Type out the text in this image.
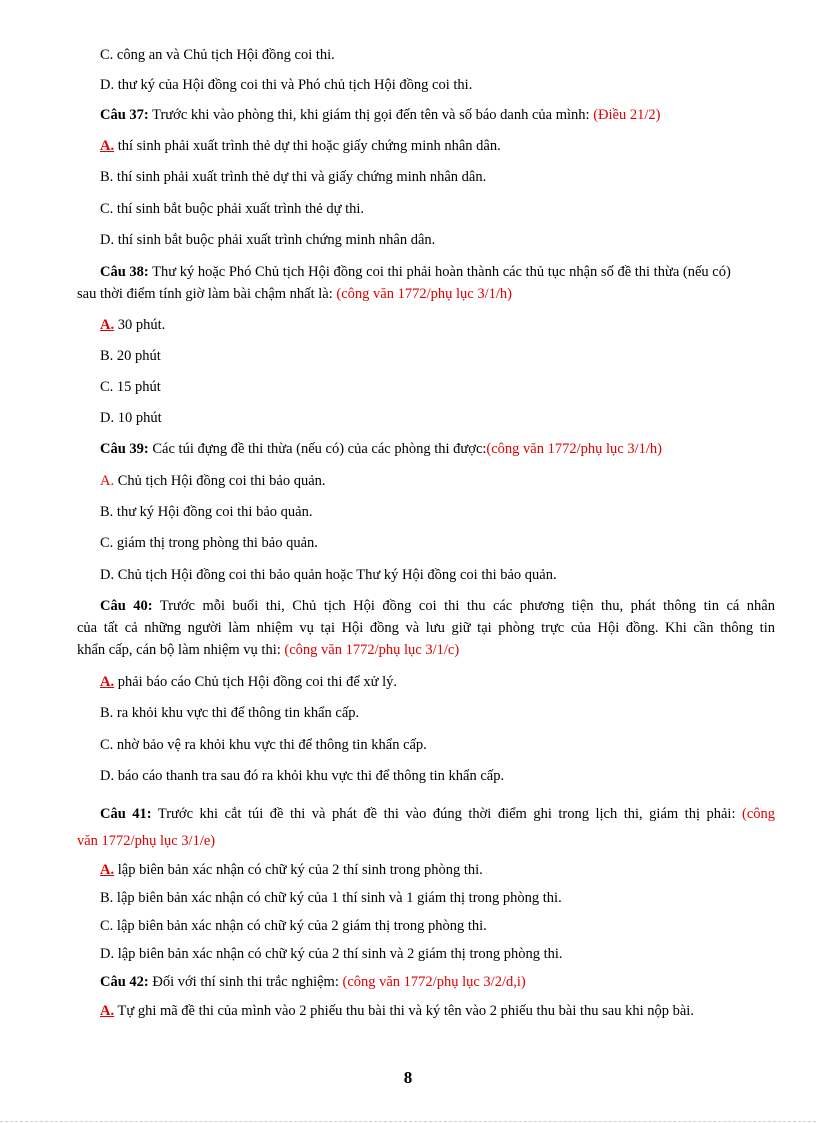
C. công an và Chủ tịch Hội đồng coi thi.
D. thư ký của Hội đồng coi thi và Phó chủ tịch Hội đồng coi thi.
Câu 37: Trước khi vào phòng thi, khi giám thị gọi đến tên và số báo danh của mình: (Điều 21/2)
A. thí sinh phải xuất trình thẻ dự thi hoặc giấy chứng minh nhân dân.
B. thí sinh phải xuất trình thẻ dự thi và giấy chứng minh nhân dân.
C. thí sinh bắt buộc phải xuất trình thẻ dự thi.
D. thí sinh bắt buộc phải xuất trình chứng minh nhân dân.
Câu 38: Thư ký hoặc Phó Chủ tịch Hội đồng coi thi phải hoàn thành các thủ tục nhận số đề thi thừa (nếu có)
sau thời điểm tính giờ làm bài chậm nhất là: (công văn 1772/phụ lục 3/1/h)
A. 30 phút.
B. 20 phút
C. 15 phút
D. 10 phút
Câu 39: Các túi đựng đề thi thừa (nếu có) của các phòng thi được:(công văn 1772/phụ lục 3/1/h)
A. Chủ tịch Hội đồng coi thi bảo quản.
B. thư ký Hội đồng coi thi bảo quản.
C. giám thị trong phòng thi bảo quản.
D. Chủ tịch Hội đồng coi thi bảo quản hoặc Thư ký Hội đồng coi thi bảo quản.
Câu 40: Trước mỗi buổi thi, Chủ tịch Hội đồng coi thi thu các phương tiện thu, phát thông tin cá nhân
của tất cả những người làm nhiệm vụ tại Hội đồng và lưu giữ tại phòng trực của Hội đồng. Khi cần thông tin
khẩn cấp, cán bộ làm nhiệm vụ thi: (công văn 1772/phụ lục 3/1/c)
A. phải báo cáo Chủ tịch Hội đồng coi thi để xử lý.
B. ra khỏi khu vực thi để thông tin khẩn cấp.
C. nhờ bảo vệ ra khỏi khu vực thi để thông tin khẩn cấp.
D. báo cáo thanh tra sau đó ra khỏi khu vực thi để thông tin khẩn cấp.
Câu 41: Trước khi cắt túi đề thi và phát đề thi vào đúng thời điểm ghi trong lịch thi, giám thị phải: (công
văn 1772/phụ lục 3/1/e)
A. lập biên bản xác nhận có chữ ký của 2 thí sinh trong phòng thi.
B. lập biên bản xác nhận có chữ ký của 1 thí sinh và 1 giám thị trong phòng thi.
C. lập biên bản xác nhận có chữ ký của 2 giám thị trong phòng thi.
D. lập biên bản xác nhận có chữ ký của 2 thí sinh và 2 giám thị trong phòng thi.
Câu 42: Đối với thí sinh thi trắc nghiệm: (công văn 1772/phụ lục 3/2/d,i)
A. Tự ghi mã đề thi của mình vào 2 phiếu thu bài thi và ký tên vào 2 phiếu thu bài thu sau khi nộp bài.
8
